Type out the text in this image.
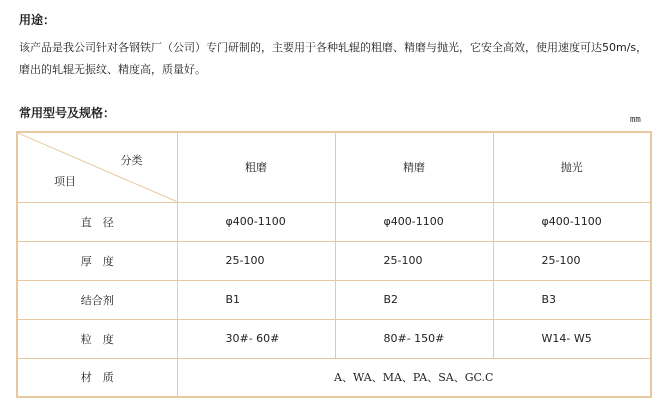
用途：

该产品是我公司针对各钢铁厂（公司）专门研制的，主要用于各种轧辊的粗磨、精磨与抛光，它安全高效，使用速度可达50m/s，磨出的轧辊无振纹、精度高，质量好。

常用型号及规格：	mm
分类
项目	粗磨	精磨	抛光
直　径	φ400-1100	φ400-1100	φ400-1100
厚　度	25-100	25-100	25-100
结合剂	B1	B2	B3
粒　度	30#- 60#	80#- 150#	W14- W5
材　质	A、WA、MA、PA、SA、GC.C		
